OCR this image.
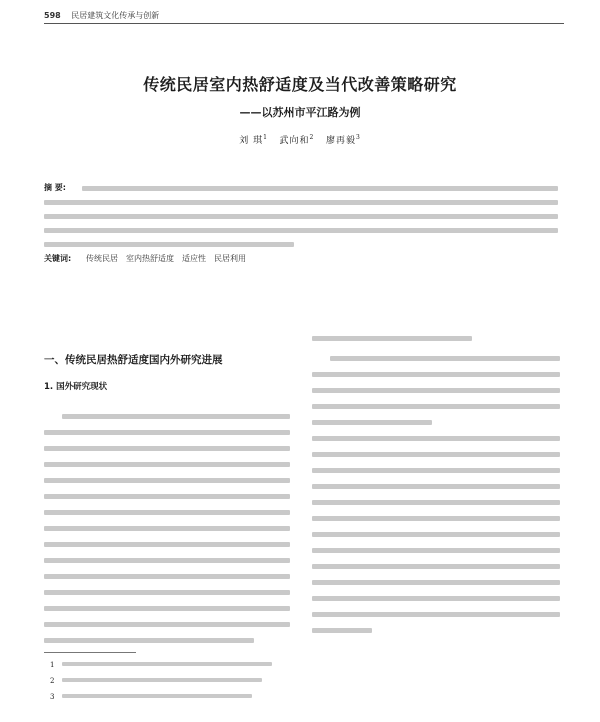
598 民居建筑文化传承与创新
传统民居室内热舒适度及当代改善策略研究
——以苏州市平江路为例
刘 琪$^1$ 武向和$^2$ 廖再毅$^3$
摘 要:
关键词: 传统民居　室内热舒适度　适应性　民居利用
一、传统民居热舒适度国内外研究进展
1. 国外研究现状
1
2
3
